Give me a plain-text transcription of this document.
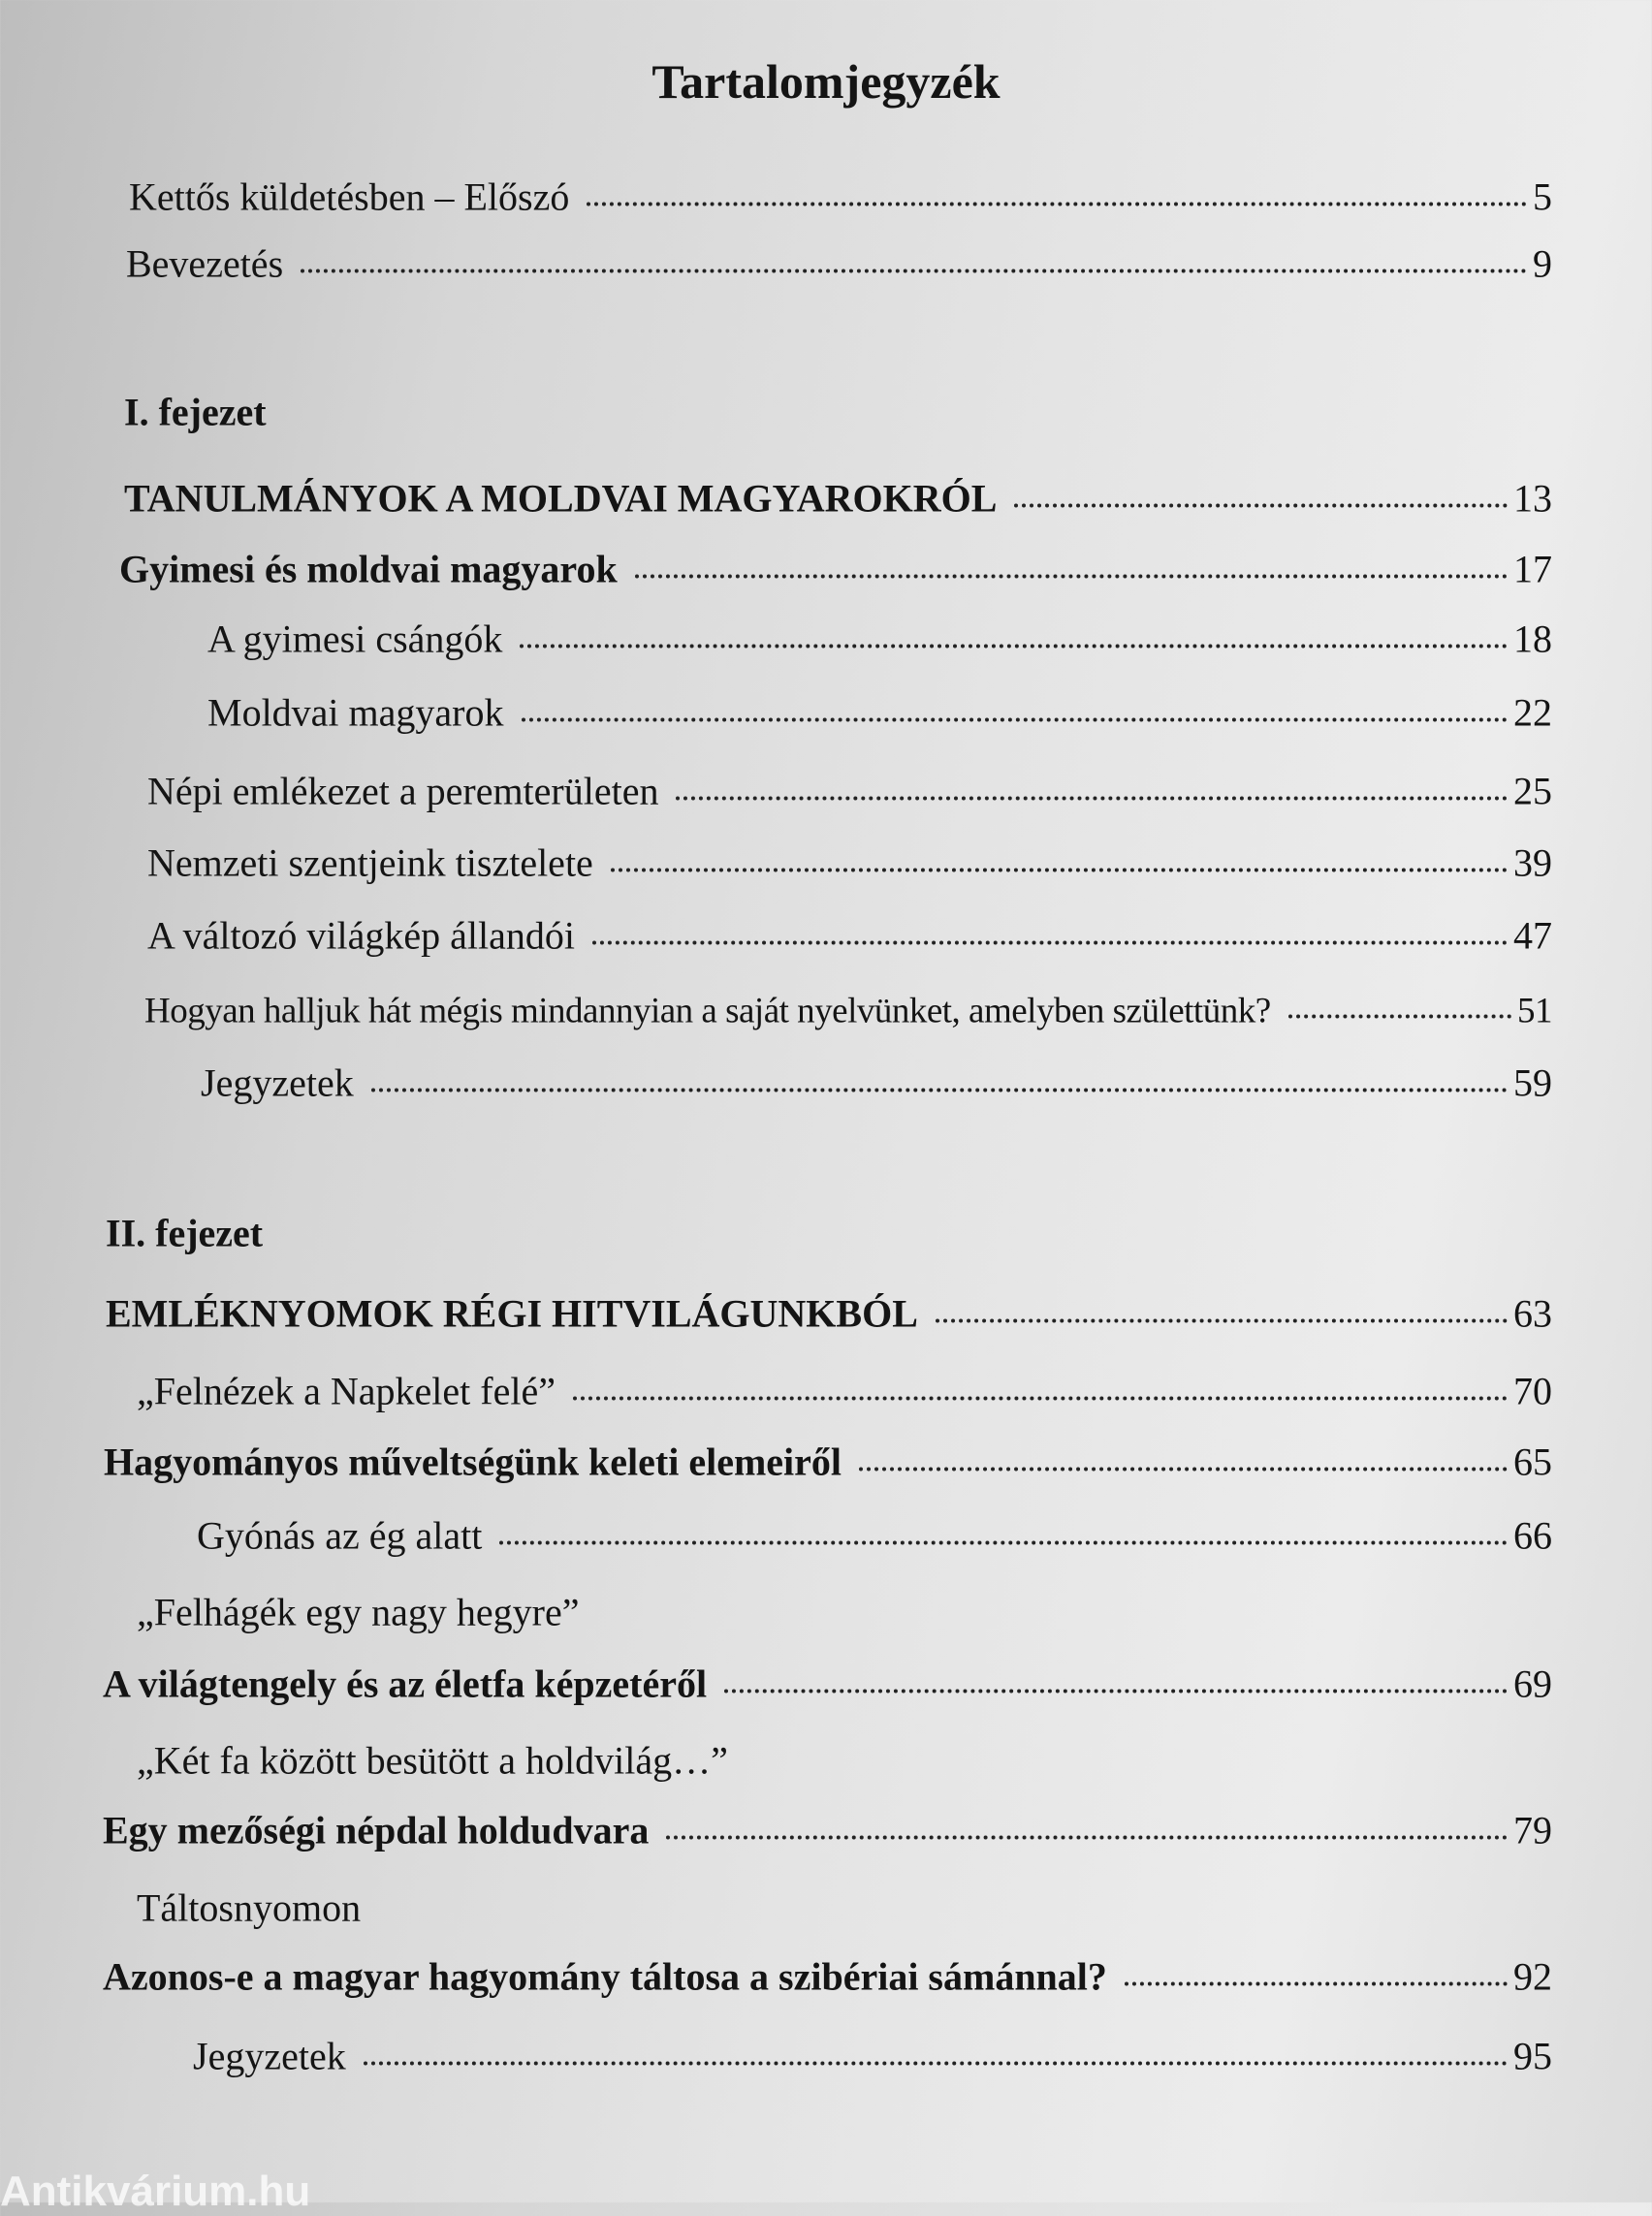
Tartalomjegyzék
Kettős küldetésben – Előszó	5
Bevezetés	9
I. fejezet
TANULMÁNYOK A MOLDVAI MAGYAROKRÓL	13
Gyimesi és moldvai magyarok	17
A gyimesi csángók	18
Moldvai magyarok	22
Népi emlékezet a peremterületen	25
Nemzeti szentjeink tisztelete	39
A változó világkép állandói	47
Hogyan halljuk hát mégis mindannyian a saját nyelvünket, amelyben születtünk?	51
Jegyzetek	59
II. fejezet
EMLÉKNYOMOK RÉGI HITVILÁGUNKBÓL	63
„Felnézek a Napkelet felé”	70
Hagyományos műveltségünk keleti elemeiről	65
Gyónás az ég alatt	66
„Felhágék egy nagy hegyre”
A világtengely és az életfa képzetéről	69
„Két fa között besütött a holdvilág…”
Egy mezőségi népdal holdudvara	79
Táltosnyomon
Azonos-e a magyar hagyomány táltosa a szibériai sámánnal?	92
Jegyzetek	95
Antikvárium.hu
